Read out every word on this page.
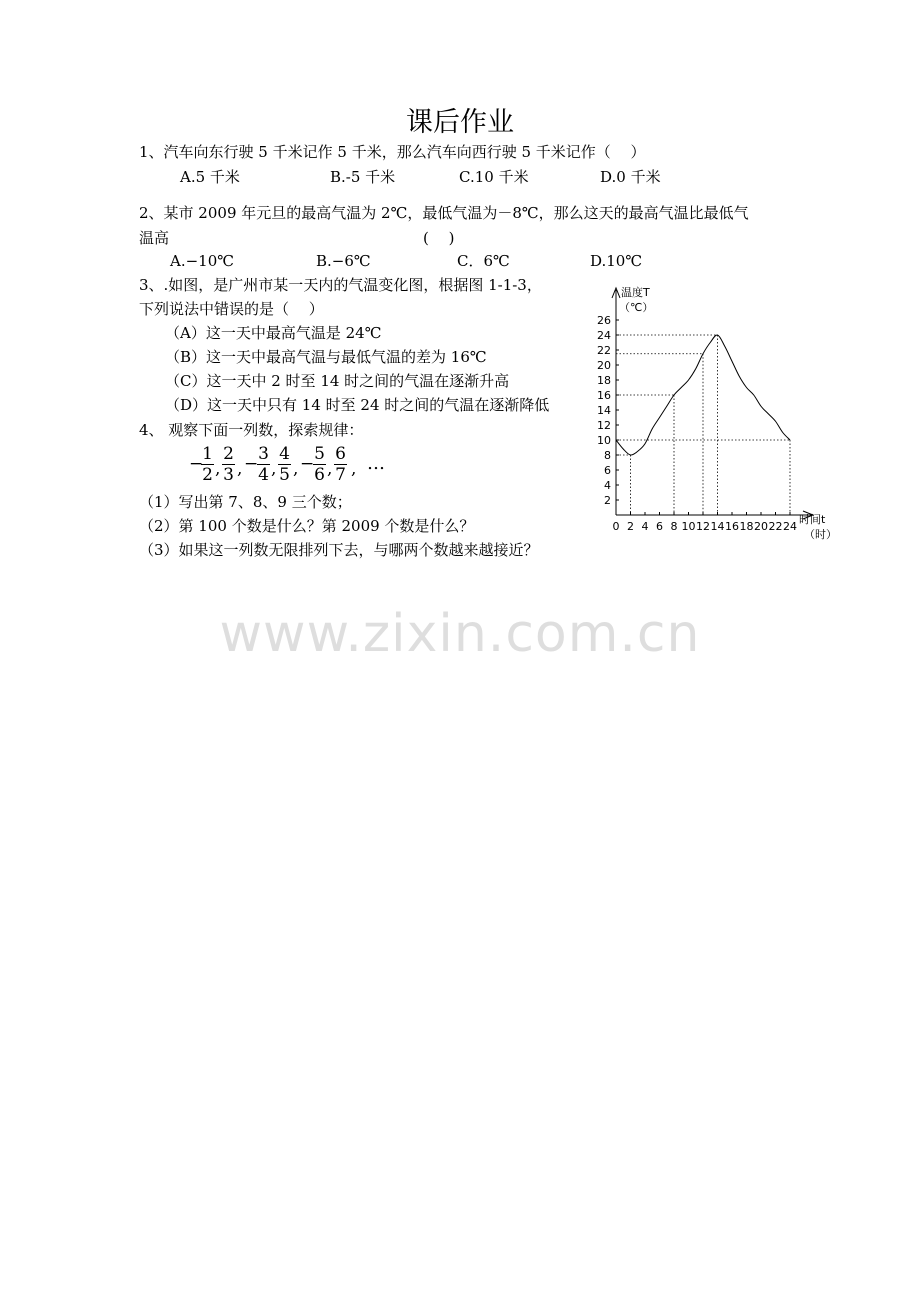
课后作业
1、汽车向东行驶 5 千米记作 5 千米，那么汽车向西行驶 5 千米记作（　 ）
A.5 千米	B.-5 千米	C.10 千米	D.0 千米
2、某市 2009 年元旦的最高气温为 2℃，最低气温为－8℃，那么这天的最高气温比最低气
温高	(　 )
A.−10℃	B.−6℃	C．6℃	D.10℃
3、.如图，是广州市某一天内的气温变化图，根据图 1-1-3，
下列说法中错误的是（　 ）
（A）这一天中最高气温是 24℃
（B）这一天中最高气温与最低气温的差为 16℃
（C）这一天中 2 时至 14 时之间的气温在逐渐升高
（D）这一天中只有 14 时至 24 时之间的气温在逐渐降低
4、 观察下面一列数，探索规律：
−
1
2 ,
2
3 , − 3
4 ,
4
5 , − 5
6 ,
6
7 , …
（1）写出第 7、8、9 三个数；
（2）第 100 个数是什么？第 2009 个数是什么？
（3）如果这一列数无限排列下去，与哪两个数越来越接近？
0 2 4 6 8 10 12 14 16 18 20 22 24
2
4
6
8
10
12
14
16
18
20
22
24
26
温度T
（℃）
时间t
（时）
www.zixin.com.cn
